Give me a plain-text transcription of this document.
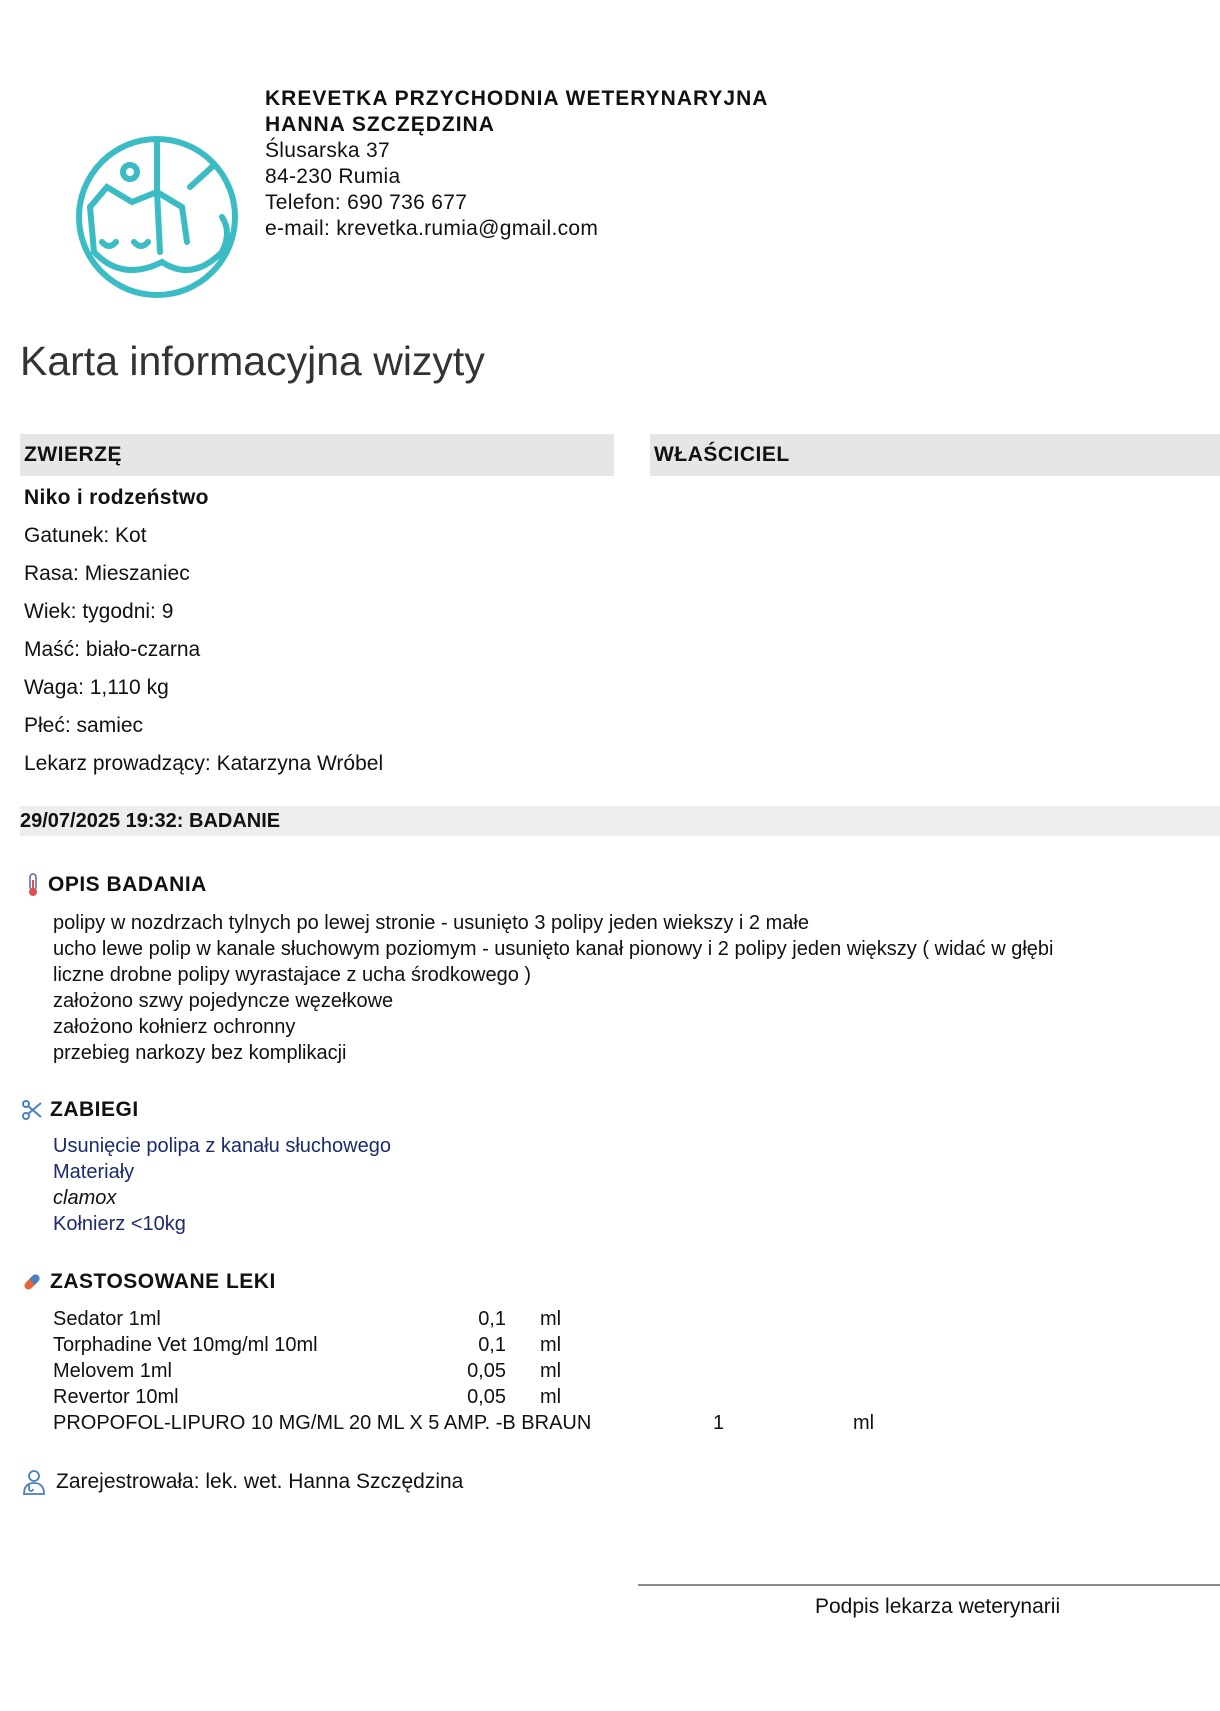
KREVETKA PRZYCHODNIA WETERYNARYJNA
HANNA SZCZĘDZINA
Ślusarska 37
84-230 Rumia
Telefon: 690 736 677
e-mail: krevetka.rumia@gmail.com
Karta informacyjna wizyty
ZWIERZĘ	WŁAŚCICIEL
Niko i rodzeństwo
Gatunek: Kot
Rasa: Mieszaniec
Wiek: tygodni: 9
Maść: biało-czarna
Waga: 1,110 kg
Płeć: samiec
Lekarz prowadzący: Katarzyna Wróbel
29/07/2025 19:32: BADANIE
OPIS BADANIA
polipy w nozdrzach tylnych po lewej stronie - usunięto 3 polipy jeden wiekszy i 2 małe
ucho lewe polip w kanale słuchowym poziomym - usunięto kanał pionowy i 2 polipy jeden większy ( widać w głębi
liczne drobne polipy wyrastajace z ucha środkowego )
założono szwy pojedyncze węzełkowe
założono kołnierz ochronny
przebieg narkozy bez komplikacji
ZABIEGI
Usunięcie polipa z kanału słuchowego
Materiały
clamox
Kołnierz <10kg
ZASTOSOWANE LEKI
Sedator 1ml	0,1 ml
Torphadine Vet 10mg/ml 10ml	0,1 ml
Melovem 1ml	0,05 ml
Revertor 10ml	0,05 ml
PROPOFOL-LIPURO 10 MG/ML 20 ML X 5 AMP. -B BRAUN	1	ml
Zarejestrowała: lek. wet. Hanna Szczędzina
Podpis lekarza weterynarii
